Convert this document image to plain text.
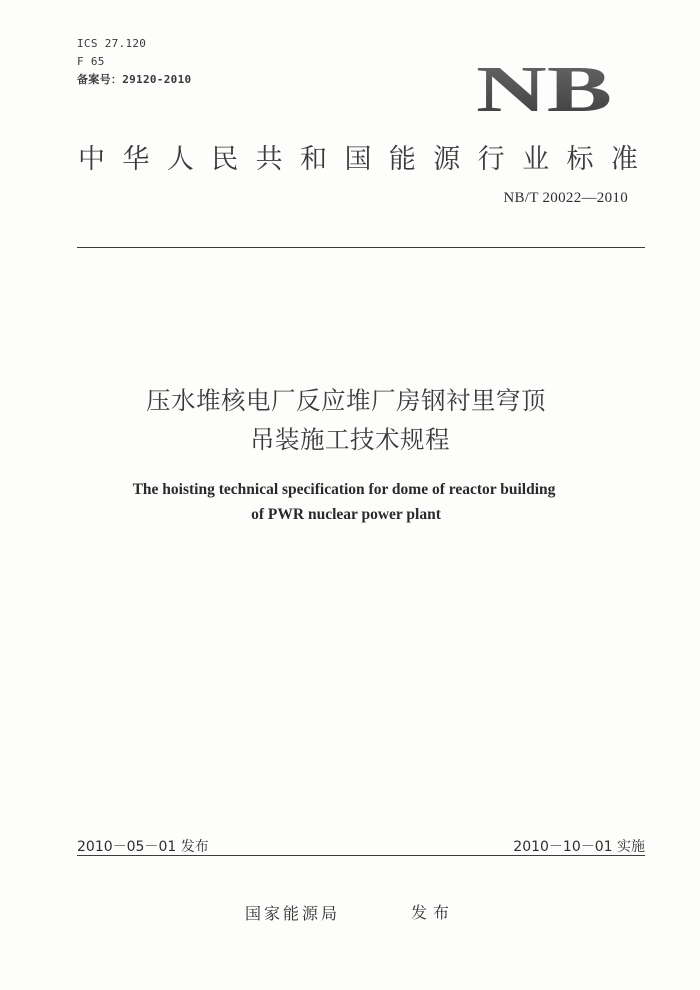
ICS 27.120
F 65
备案号：29120-2010	NB
中 华 人 民 共 和 国 能 源 行 业 标 准
NB/T 20022—2010
压水堆核电厂反应堆厂房钢衬里穹顶
吊装施工技术规程
The hoisting technical specification for dome of reactor building
of PWR nuclear power plant
2010－05－01 发布	2010－10－01 实施
国家能源局	发布
